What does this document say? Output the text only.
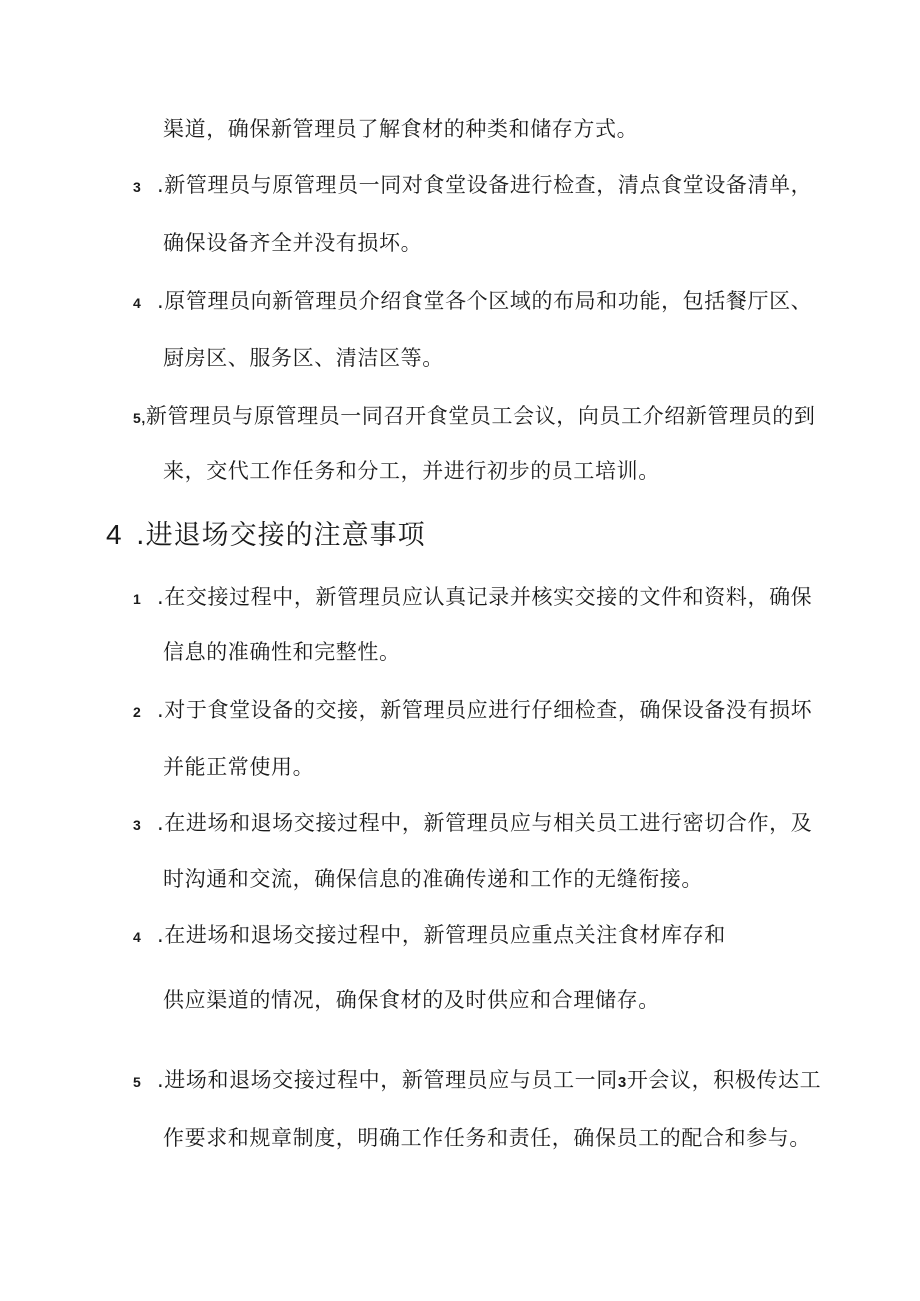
渠道，确保新管理员了解食材的种类和储存方式。
3 .新管理员与原管理员一同对食堂设备进行检查，清点食堂设备清单，
确保设备齐全并没有损坏。
4 .原管理员向新管理员介绍食堂各个区域的布局和功能，包括餐厅区、
厨房区、服务区、清洁区等。
5,新管理员与原管理员一同召开食堂员工会议，向员工介绍新管理员的到
来，交代工作任务和分工，并进行初步的员工培训。
4 .进退场交接的注意事项
1 .在交接过程中，新管理员应认真记录并核实交接的文件和资料，确保
信息的准确性和完整性。
2 .对于食堂设备的交接，新管理员应进行仔细检查，确保设备没有损坏
并能正常使用。
3 .在进场和退场交接过程中，新管理员应与相关员工进行密切合作，及
时沟通和交流，确保信息的准确传递和工作的无缝衔接。
4 .在进场和退场交接过程中，新管理员应重点关注食材库存和
供应渠道的情况，确保食材的及时供应和合理储存。
5 .进场和退场交接过程中，新管理员应与员工一同3开会议，积极传达工
作要求和规章制度，明确工作任务和责任，确保员工的配合和参与。
